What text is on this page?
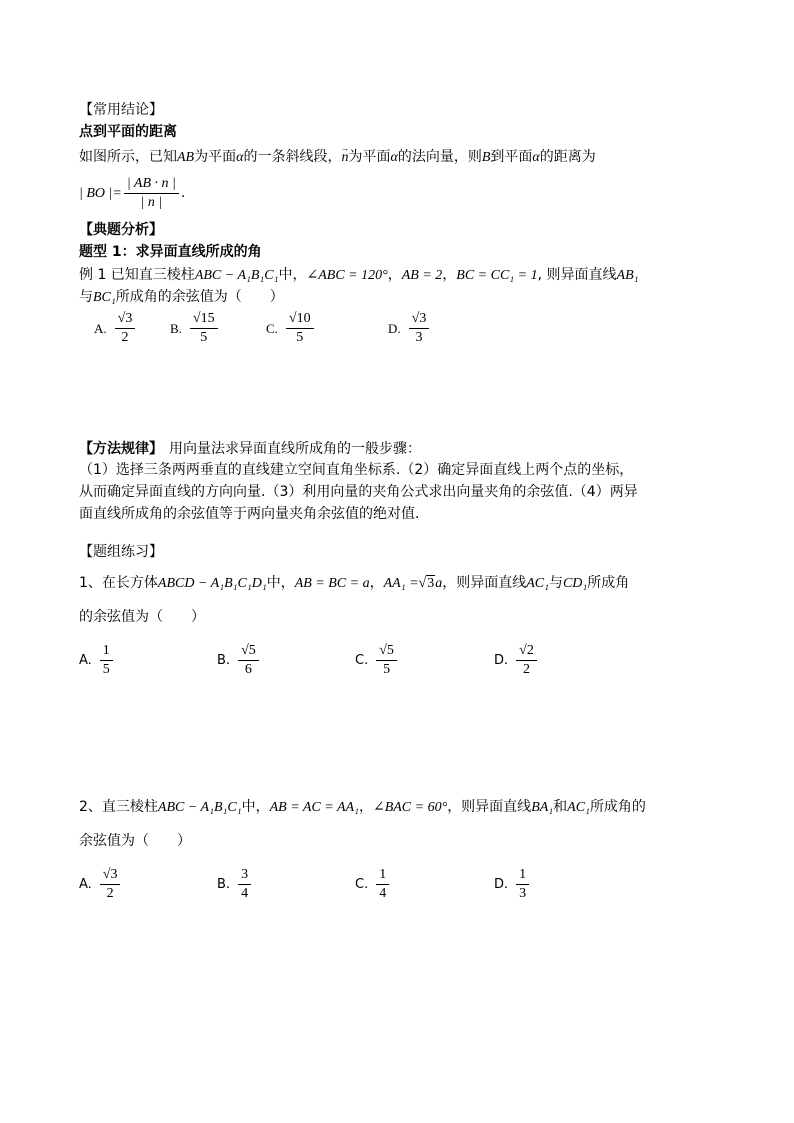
【常用结论】
点到平面的距离
如图所示，已知AB为平面α的一条斜线段，→ n为平面α的法向量，则B到平面α的距离为
| BO |= $\frac{| AB \cdot n |}{| n |}$ .
【典题分析】
题型 1：求异面直线所成的角
例 1 已知直三棱柱ABC − A₁B₁C₁中，∠ABC = 120°，AB = 2，BC = CC₁ = 1, 则异面直线AB₁
与BC₁所成角的余弦值为（　　）
A. $\frac{√3}{2}$	B. $\frac{√15}{5}$	C. $\frac{√10}{5}$	D. $\frac{√3}{3}$
【方法规律】 用向量法求异面直线所成角的一般步骤：
（1）选择三条两两垂直的直线建立空间直角坐标系.（2）确定异面直线上两个点的坐标，
从而确定异面直线的方向向量.（3）利用向量的夹角公式求出向量夹角的余弦值.（4）两异
面直线所成角的余弦值等于两向量夹角余弦值的绝对值.
【题组练习】
1、在长方体ABCD − A₁B₁C₁D₁中，AB = BC = a，AA₁ =√3a，则异面直线AC₁与CD₁所成角
的余弦值为（　　）
A. $\frac{1}{5}$	B. $\frac{√5}{6}$	C. $\frac{√5}{5}$	D. $\frac{√2}{2}$
2、直三棱柱ABC − A₁B₁C₁中，AB = AC = AA₁，∠BAC = 60°，则异面直线BA₁和AC₁所成角的
余弦值为（　　）
A. $\frac{√3}{2}$	B. $\frac{3}{4}$	C. $\frac{1}{4}$	D. $\frac{1}{3}$
